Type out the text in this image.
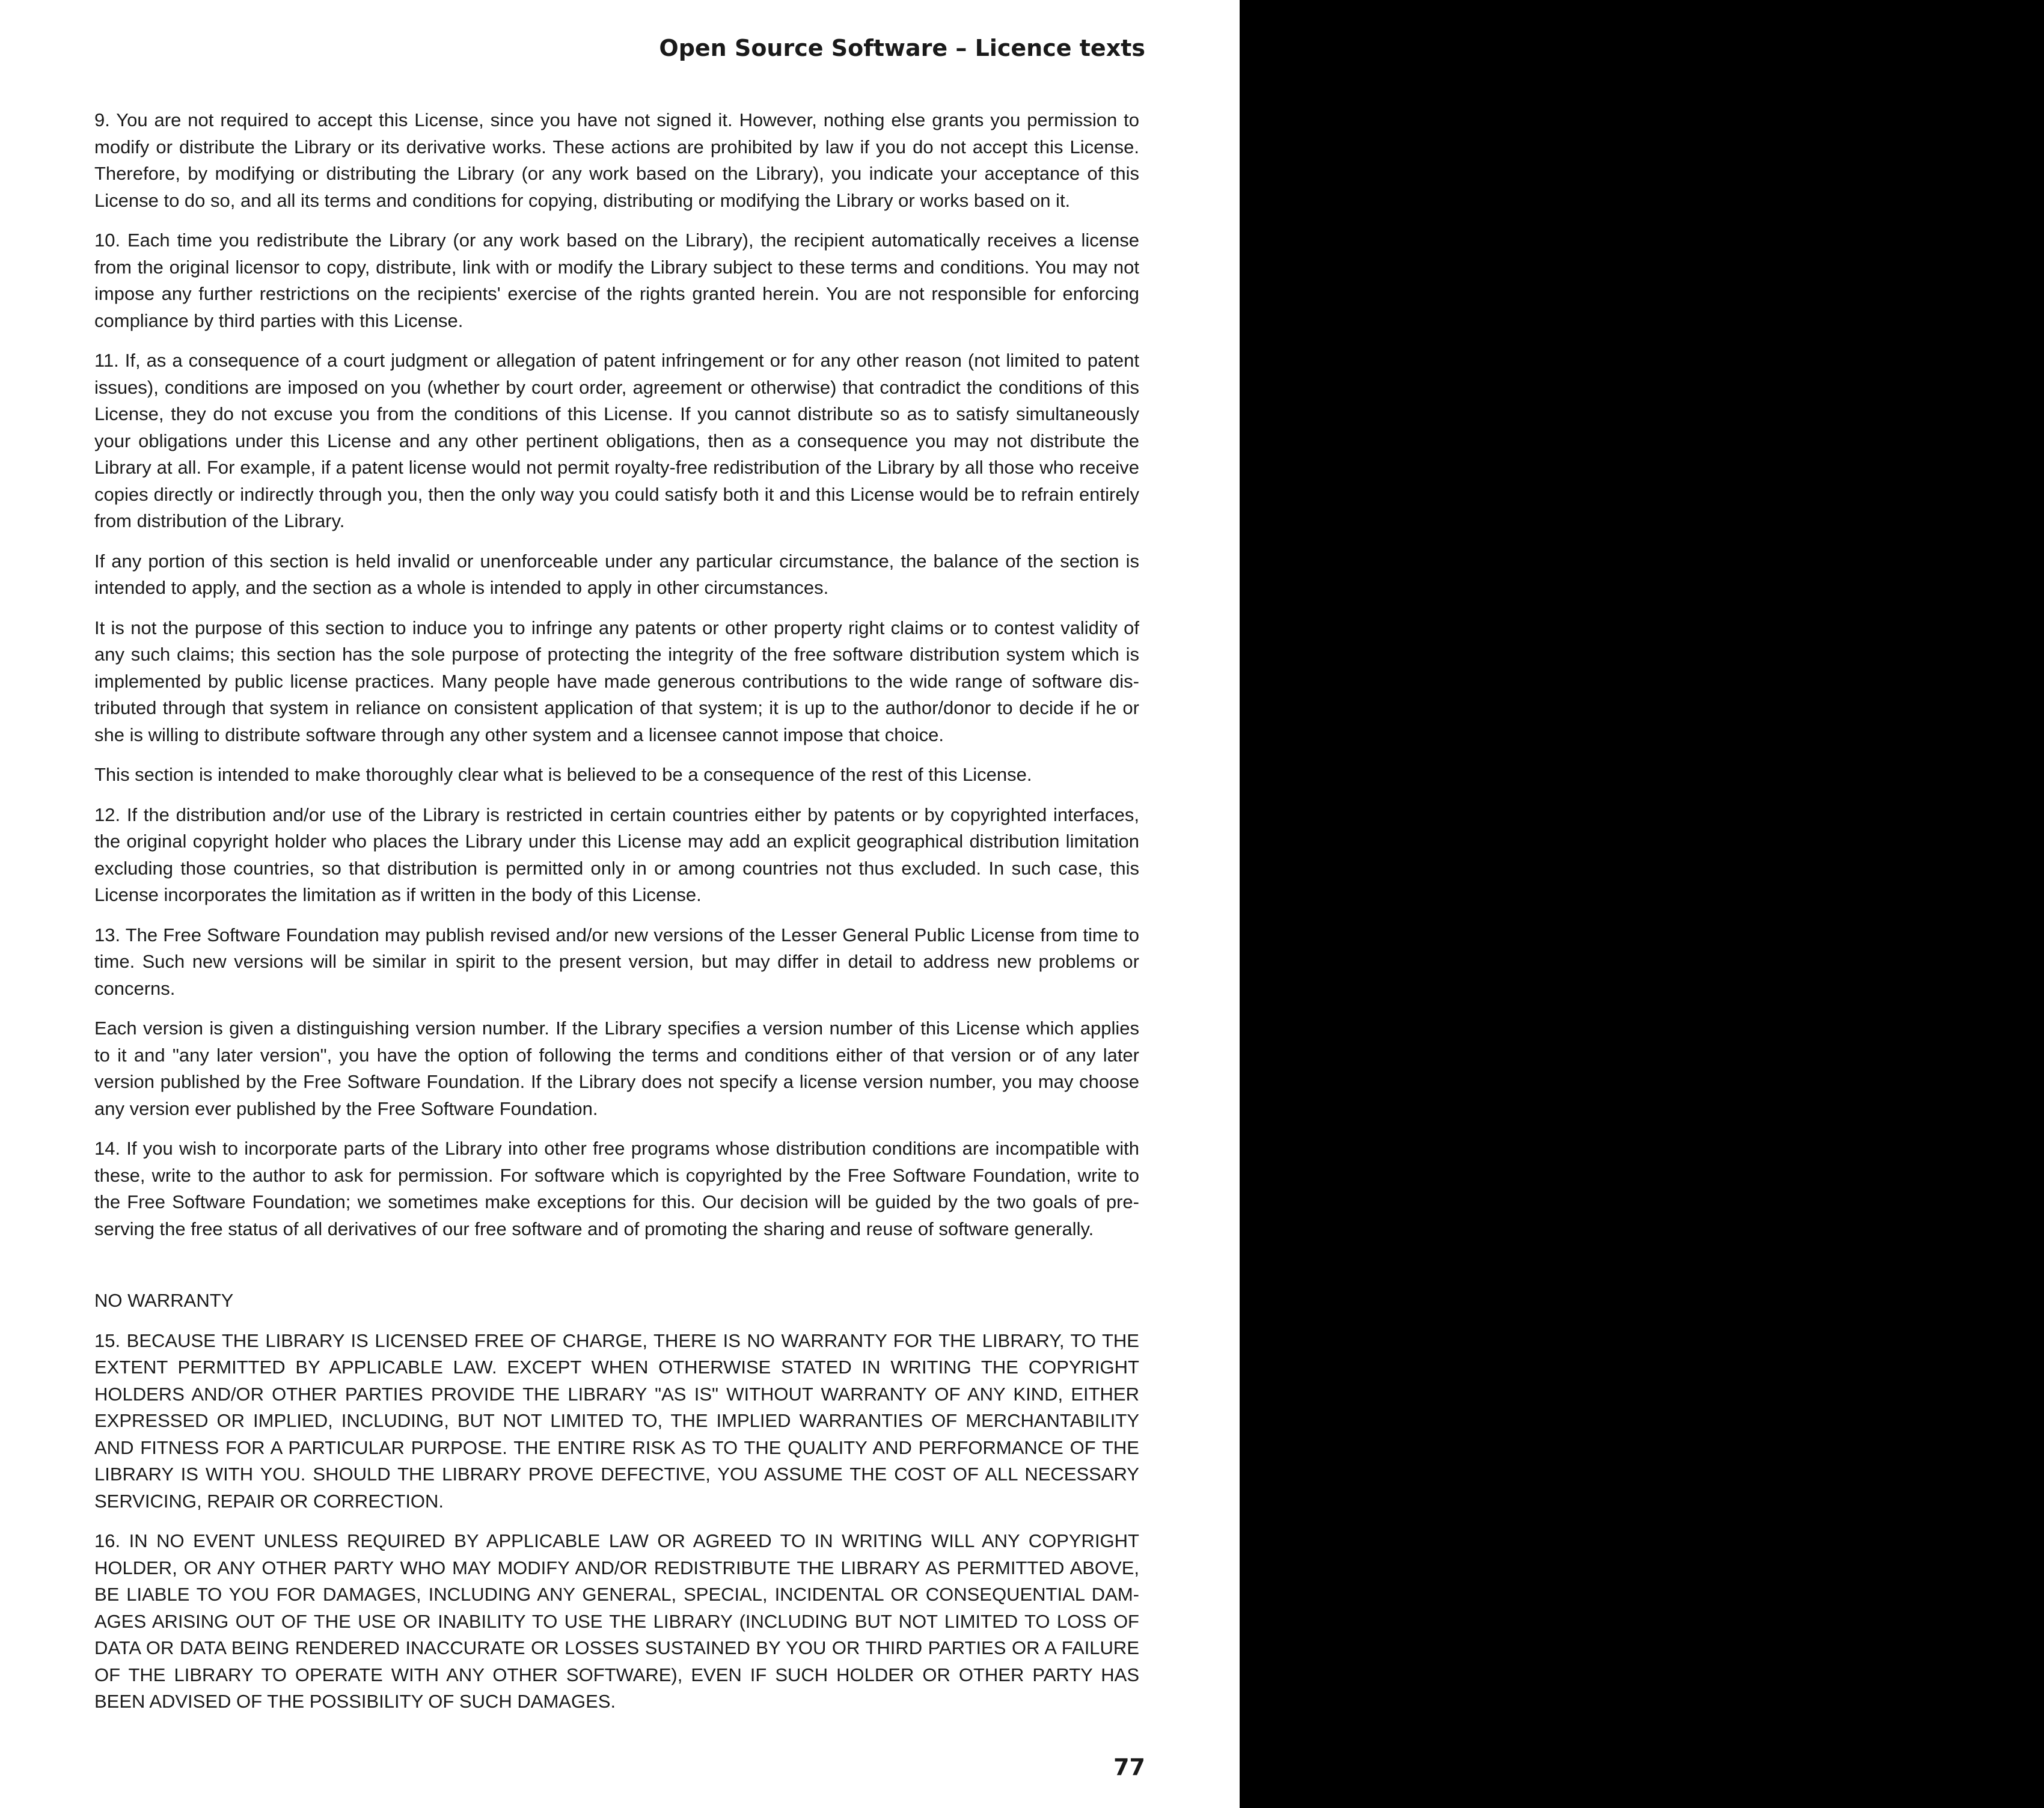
Open Source Software – Licence texts

9. You are not required to accept this License, since you have not signed it. However, nothing else grants you permission to modify or distribute the Library or its derivative works. These actions are prohibited by law if you do not accept this License. Therefore, by modifying or distributing the Library (or any work based on the Library), you indicate your acceptance of this License to do so, and all its terms and conditions for copying, distributing or modifying the Library or works based on it.

10. Each time you redistribute the Library (or any work based on the Library), the recipient automatically receives a license from the original licensor to copy, distribute, link with or modify the Library subject to these terms and conditions. You may not impose any further restrictions on the recipients' exercise of the rights granted herein. You are not responsible for enforcing compliance by third parties with this License.

11. If, as a consequence of a court judgment or allegation of patent infringement or for any other reason (not limited to patent issues), conditions are imposed on you (whether by court order, agreement or otherwise) that contradict the conditions of this License, they do not excuse you from the conditions of this License. If you cannot distribute so as to satisfy simultaneously your obligations under this License and any other pertinent obligations, then as a consequence you may not distribute the Library at all. For example, if a patent license would not permit royalty-free redistribution of the Library by all those who receive copies directly or indirectly through you, then the only way you could satisfy both it and this License would be to refrain entirely from distribution of the Library.

If any portion of this section is held invalid or unenforceable under any particular circumstance, the balance of the section is intended to apply, and the section as a whole is intended to apply in other circumstances.

It is not the purpose of this section to induce you to infringe any patents or other property right claims or to contest validity of any such claims; this section has the sole purpose of protecting the integrity of the free software distribution system which is implemented by public license practices. Many people have made generous contributions to the wide range of software dis-tributed through that system in reliance on consistent application of that system; it is up to the author/donor to decide if he or she is willing to distribute software through any other system and a licensee cannot impose that choice.

This section is intended to make thoroughly clear what is believed to be a consequence of the rest of this License.

12. If the distribution and/or use of the Library is restricted in certain countries either by patents or by copyrighted interfaces, the original copyright holder who places the Library under this License may add an explicit geographical distribution limitation excluding those countries, so that distribution is permitted only in or among countries not thus excluded. In such case, this License incorporates the limitation as if written in the body of this License.

13. The Free Software Foundation may publish revised and/or new versions of the Lesser General Public License from time to time. Such new versions will be similar in spirit to the present version, but may differ in detail to address new problems or concerns.

Each version is given a distinguishing version number. If the Library specifies a version number of this License which applies to it and "any later version", you have the option of following the terms and conditions either of that version or of any later version published by the Free Software Foundation. If the Library does not specify a license version number, you may choose any version ever published by the Free Software Foundation.

14. If you wish to incorporate parts of the Library into other free programs whose distribution conditions are incompatible with these, write to the author to ask for permission. For software which is copyrighted by the Free Software Foundation, write to the Free Software Foundation; we sometimes make exceptions for this. Our decision will be guided by the two goals of pre-serving the free status of all derivatives of our free software and of promoting the sharing and reuse of software generally.

NO WARRANTY

15. BECAUSE THE LIBRARY IS LICENSED FREE OF CHARGE, THERE IS NO WARRANTY FOR THE LIBRARY, TO THE EXTENT PERMITTED BY APPLICABLE LAW. EXCEPT WHEN OTHERWISE STATED IN WRITING THE COPYRIGHT HOLDERS AND/OR OTHER PARTIES PROVIDE THE LIBRARY "AS IS" WITHOUT WARRANTY OF ANY KIND, EITHER EXPRESSED OR IMPLIED, INCLUDING, BUT NOT LIMITED TO, THE IMPLIED WARRANTIES OF MERCHANTABILITY AND FITNESS FOR A PARTICULAR PURPOSE. THE ENTIRE RISK AS TO THE QUALITY AND PERFORMANCE OF THE LIBRARY IS WITH YOU. SHOULD THE LIBRARY PROVE DEFECTIVE, YOU ASSUME THE COST OF ALL NECESSARY SERVICING, REPAIR OR CORRECTION.

16. IN NO EVENT UNLESS REQUIRED BY APPLICABLE LAW OR AGREED TO IN WRITING WILL ANY COPYRIGHT HOLDER, OR ANY OTHER PARTY WHO MAY MODIFY AND/OR REDISTRIBUTE THE LIBRARY AS PERMITTED ABOVE, BE LIABLE TO YOU FOR DAMAGES, INCLUDING ANY GENERAL, SPECIAL, INCIDENTAL OR CONSEQUENTIAL DAM-AGES ARISING OUT OF THE USE OR INABILITY TO USE THE LIBRARY (INCLUDING BUT NOT LIMITED TO LOSS OF DATA OR DATA BEING RENDERED INACCURATE OR LOSSES SUSTAINED BY YOU OR THIRD PARTIES OR A FAILURE OF THE LIBRARY TO OPERATE WITH ANY OTHER SOFTWARE), EVEN IF SUCH HOLDER OR OTHER PARTY HAS BEEN ADVISED OF THE POSSIBILITY OF SUCH DAMAGES.

77
